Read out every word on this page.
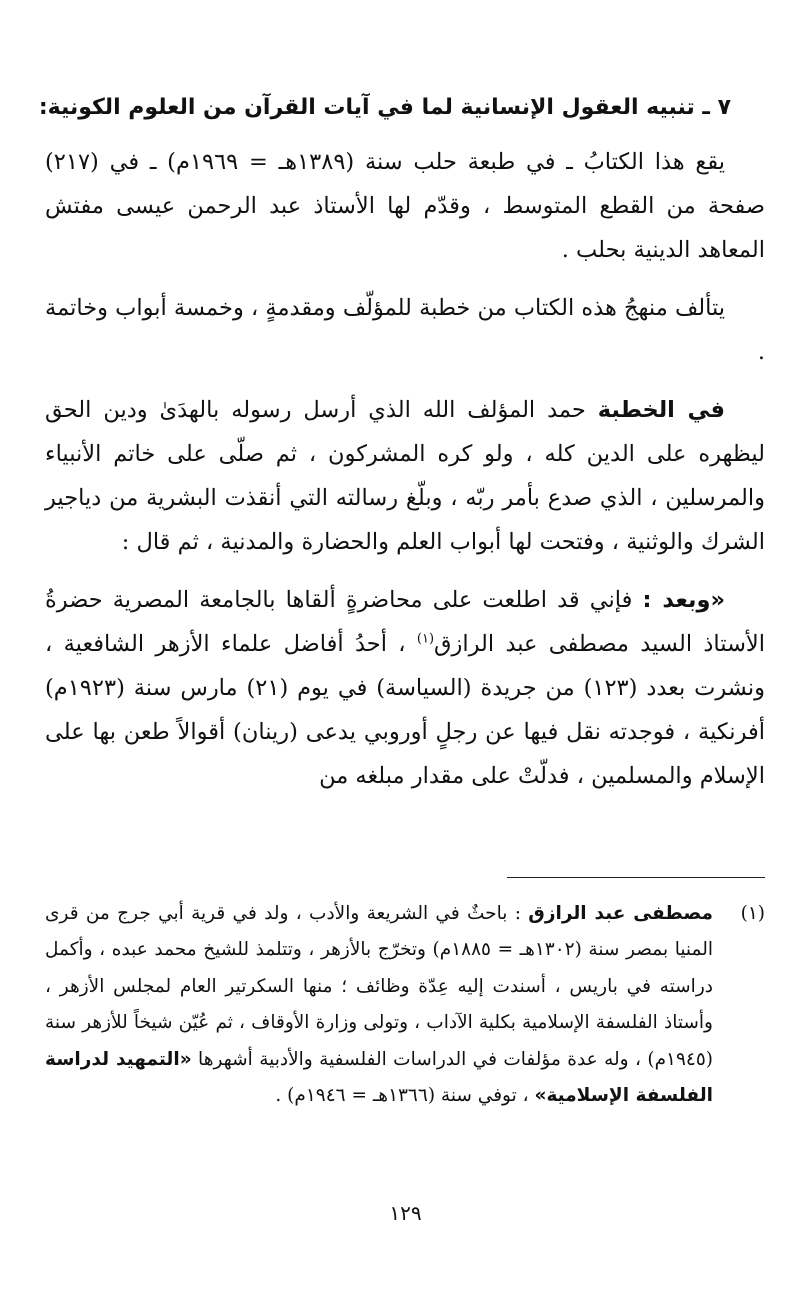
٧ ـ تنبيه العقول الإنسانية لما في آيات القرآن من العلوم الكونية:

يقع هذا الكتابُ ـ في طبعة حلب سنة (١٣٨٩هـ = ١٩٦٩م) ـ في (٢١٧) صفحة من القطع المتوسط ، وقدّم لها الأستاذ عبد الرحمن عيسى مفتش المعاهد الدينية بحلب .

يتألف منهجُ هذه الكتاب من خطبة للمؤلّف ومقدمةٍ ، وخمسة أبواب وخاتمة .

في الخطبة حمد المؤلف الله الذي أرسل رسوله بالهدَىٰ ودين الحق ليظهره على الدين كله ، ولو كره المشركون ، ثم صلّى على خاتم الأنبياء والمرسلين ، الذي صدع بأمر ربّه ، وبلّغ رسالته التي أنقذت البشرية من دياجير الشرك والوثنية ، وفتحت لها أبواب العلم والحضارة والمدنية ، ثم قال :

«وبعد : فإني قد اطلعت على محاضرةٍ ألقاها بالجامعة المصرية حضرةُ الأستاذ السيد مصطفى عبد الرازق$^{(١)}$ ، أحدُ أفاضل علماء الأزهر الشافعية ، ونشرت بعدد (١٢٣) من جريدة (السياسة) في يوم (٢١) مارس سنة (١٩٢٣م) أفرنكية ، فوجدته نقل فيها عن رجلٍ أوروبي يدعى (رينان) أقوالاً طعن بها على الإسلام والمسلمين ، فدلّتْ على مقدار مبلغه من

(١)
مصطفى عبد الرازق : باحثٌ في الشريعة والأدب ، ولد في قرية أبي جرج من قرى المنيا بمصر سنة (١٣٠٢هـ = ١٨٨٥م) وتخرّج بالأزهر ، وتتلمذ للشيخ محمد عبده ، وأكمل دراسته في باريس ، أسندت إليه عِدّة وظائف ؛ منها السكرتير العام لمجلس الأزهر ، وأستاذ الفلسفة الإسلامية بكلية الآداب ، وتولى وزارة الأوقاف ، ثم عُيّن شيخاً للأزهر سنة (١٩٤٥م) ، وله عدة مؤلفات في الدراسات الفلسفية والأدبية أشهرها «التمهيد لدراسة الفلسفة الإسلامية» ، توفي سنة (١٣٦٦هـ = ١٩٤٦م) .
١٢٩
